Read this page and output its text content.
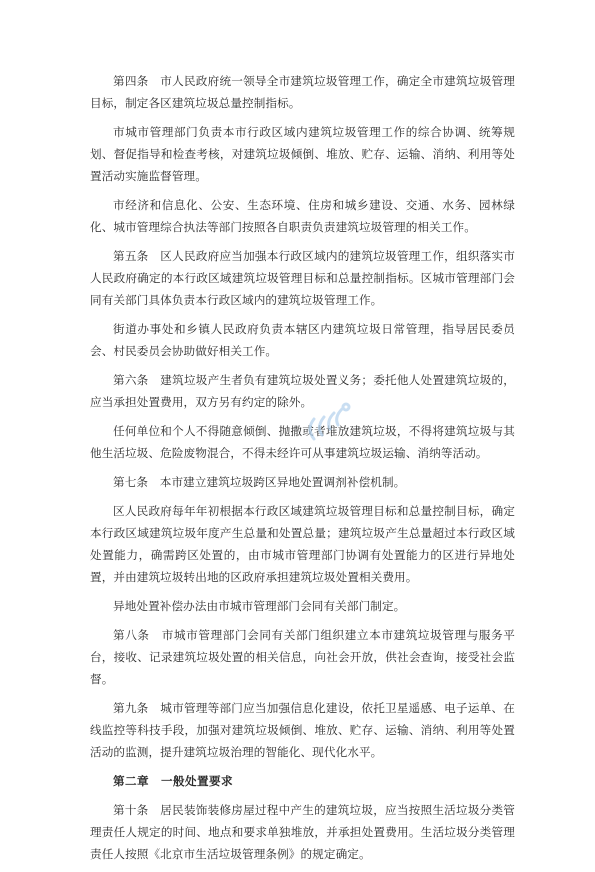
第四条　市人民政府统一领导全市建筑垃圾管理工作，确定全市建筑垃圾管理目标，制定各区建筑垃圾总量控制指标。

市城市管理部门负责本市行政区域内建筑垃圾管理工作的综合协调、统筹规划、督促指导和检查考核，对建筑垃圾倾倒、堆放、贮存、运输、消纳、利用等处置活动实施监督管理。

市经济和信息化、公安、生态环境、住房和城乡建设、交通、水务、园林绿化、城市管理综合执法等部门按照各自职责负责建筑垃圾管理的相关工作。

第五条　区人民政府应当加强本行政区域内的建筑垃圾管理工作，组织落实市人民政府确定的本行政区域建筑垃圾管理目标和总量控制指标。区城市管理部门会同有关部门具体负责本行政区域内的建筑垃圾管理工作。

街道办事处和乡镇人民政府负责本辖区内建筑垃圾日常管理，指导居民委员会、村民委员会协助做好相关工作。

第六条　建筑垃圾产生者负有建筑垃圾处置义务；委托他人处置建筑垃圾的，应当承担处置费用，双方另有约定的除外。

任何单位和个人不得随意倾倒、抛撒或者堆放建筑垃圾，不得将建筑垃圾与其他生活垃圾、危险废物混合，不得未经许可从事建筑垃圾运输、消纳等活动。

第七条　本市建立建筑垃圾跨区异地处置调剂补偿机制。

区人民政府每年年初根据本行政区域建筑垃圾管理目标和总量控制目标，确定本行政区域建筑垃圾年度产生总量和处置总量；建筑垃圾产生总量超过本行政区域处置能力，确需跨区处置的，由市城市管理部门协调有处置能力的区进行异地处置，并由建筑垃圾转出地的区政府承担建筑垃圾处置相关费用。

异地处置补偿办法由市城市管理部门会同有关部门制定。

第八条　市城市管理部门会同有关部门组织建立本市建筑垃圾管理与服务平台，接收、记录建筑垃圾处置的相关信息，向社会开放，供社会查询，接受社会监督。

第九条　城市管理等部门应当加强信息化建设，依托卫星遥感、电子运单、在线监控等科技手段，加强对建筑垃圾倾倒、堆放、贮存、运输、消纳、利用等处置活动的监测，提升建筑垃圾治理的智能化、现代化水平。

第二章　一般处置要求

第十条　居民装饰装修房屋过程中产生的建筑垃圾，应当按照生活垃圾分类管理责任人规定的时间、地点和要求单独堆放，并承担处置费用。生活垃圾分类管理责任人按照《北京市生活垃圾管理条例》的规定确定。
